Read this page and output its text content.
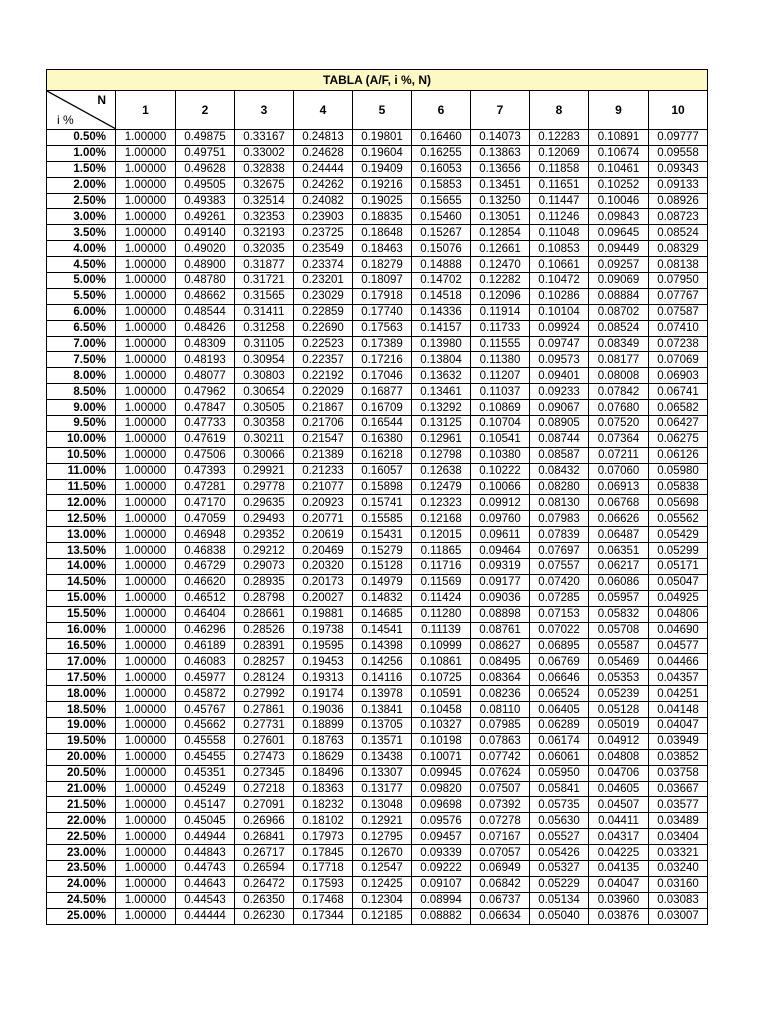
TABLA (A/F, i %, N)										

N
i %	1	2	3	4	5	6	7	8	9	10
0.50%	1.00000	0.49875	0.33167	0.24813	0.19801	0.16460	0.14073	0.12283	0.10891	0.09777
1.00%	1.00000	0.49751	0.33002	0.24628	0.19604	0.16255	0.13863	0.12069	0.10674	0.09558
1.50%	1.00000	0.49628	0.32838	0.24444	0.19409	0.16053	0.13656	0.11858	0.10461	0.09343
2.00%	1.00000	0.49505	0.32675	0.24262	0.19216	0.15853	0.13451	0.11651	0.10252	0.09133
2.50%	1.00000	0.49383	0.32514	0.24082	0.19025	0.15655	0.13250	0.11447	0.10046	0.08926
3.00%	1.00000	0.49261	0.32353	0.23903	0.18835	0.15460	0.13051	0.11246	0.09843	0.08723
3.50%	1.00000	0.49140	0.32193	0.23725	0.18648	0.15267	0.12854	0.11048	0.09645	0.08524
4.00%	1.00000	0.49020	0.32035	0.23549	0.18463	0.15076	0.12661	0.10853	0.09449	0.08329
4.50%	1.00000	0.48900	0.31877	0.23374	0.18279	0.14888	0.12470	0.10661	0.09257	0.08138
5.00%	1.00000	0.48780	0.31721	0.23201	0.18097	0.14702	0.12282	0.10472	0.09069	0.07950
5.50%	1.00000	0.48662	0.31565	0.23029	0.17918	0.14518	0.12096	0.10286	0.08884	0.07767
6.00%	1.00000	0.48544	0.31411	0.22859	0.17740	0.14336	0.11914	0.10104	0.08702	0.07587
6.50%	1.00000	0.48426	0.31258	0.22690	0.17563	0.14157	0.11733	0.09924	0.08524	0.07410
7.00%	1.00000	0.48309	0.31105	0.22523	0.17389	0.13980	0.11555	0.09747	0.08349	0.07238
7.50%	1.00000	0.48193	0.30954	0.22357	0.17216	0.13804	0.11380	0.09573	0.08177	0.07069
8.00%	1.00000	0.48077	0.30803	0.22192	0.17046	0.13632	0.11207	0.09401	0.08008	0.06903
8.50%	1.00000	0.47962	0.30654	0.22029	0.16877	0.13461	0.11037	0.09233	0.07842	0.06741
9.00%	1.00000	0.47847	0.30505	0.21867	0.16709	0.13292	0.10869	0.09067	0.07680	0.06582
9.50%	1.00000	0.47733	0.30358	0.21706	0.16544	0.13125	0.10704	0.08905	0.07520	0.06427
10.00%	1.00000	0.47619	0.30211	0.21547	0.16380	0.12961	0.10541	0.08744	0.07364	0.06275
10.50%	1.00000	0.47506	0.30066	0.21389	0.16218	0.12798	0.10380	0.08587	0.07211	0.06126
11.00%	1.00000	0.47393	0.29921	0.21233	0.16057	0.12638	0.10222	0.08432	0.07060	0.05980
11.50%	1.00000	0.47281	0.29778	0.21077	0.15898	0.12479	0.10066	0.08280	0.06913	0.05838
12.00%	1.00000	0.47170	0.29635	0.20923	0.15741	0.12323	0.09912	0.08130	0.06768	0.05698
12.50%	1.00000	0.47059	0.29493	0.20771	0.15585	0.12168	0.09760	0.07983	0.06626	0.05562
13.00%	1.00000	0.46948	0.29352	0.20619	0.15431	0.12015	0.09611	0.07839	0.06487	0.05429
13.50%	1.00000	0.46838	0.29212	0.20469	0.15279	0.11865	0.09464	0.07697	0.06351	0.05299
14.00%	1.00000	0.46729	0.29073	0.20320	0.15128	0.11716	0.09319	0.07557	0.06217	0.05171
14.50%	1.00000	0.46620	0.28935	0.20173	0.14979	0.11569	0.09177	0.07420	0.06086	0.05047
15.00%	1.00000	0.46512	0.28798	0.20027	0.14832	0.11424	0.09036	0.07285	0.05957	0.04925
15.50%	1.00000	0.46404	0.28661	0.19881	0.14685	0.11280	0.08898	0.07153	0.05832	0.04806
16.00%	1.00000	0.46296	0.28526	0.19738	0.14541	0.11139	0.08761	0.07022	0.05708	0.04690
16.50%	1.00000	0.46189	0.28391	0.19595	0.14398	0.10999	0.08627	0.06895	0.05587	0.04577
17.00%	1.00000	0.46083	0.28257	0.19453	0.14256	0.10861	0.08495	0.06769	0.05469	0.04466
17.50%	1.00000	0.45977	0.28124	0.19313	0.14116	0.10725	0.08364	0.06646	0.05353	0.04357
18.00%	1.00000	0.45872	0.27992	0.19174	0.13978	0.10591	0.08236	0.06524	0.05239	0.04251
18.50%	1.00000	0.45767	0.27861	0.19036	0.13841	0.10458	0.08110	0.06405	0.05128	0.04148
19.00%	1.00000	0.45662	0.27731	0.18899	0.13705	0.10327	0.07985	0.06289	0.05019	0.04047
19.50%	1.00000	0.45558	0.27601	0.18763	0.13571	0.10198	0.07863	0.06174	0.04912	0.03949
20.00%	1.00000	0.45455	0.27473	0.18629	0.13438	0.10071	0.07742	0.06061	0.04808	0.03852
20.50%	1.00000	0.45351	0.27345	0.18496	0.13307	0.09945	0.07624	0.05950	0.04706	0.03758
21.00%	1.00000	0.45249	0.27218	0.18363	0.13177	0.09820	0.07507	0.05841	0.04605	0.03667
21.50%	1.00000	0.45147	0.27091	0.18232	0.13048	0.09698	0.07392	0.05735	0.04507	0.03577
22.00%	1.00000	0.45045	0.26966	0.18102	0.12921	0.09576	0.07278	0.05630	0.04411	0.03489
22.50%	1.00000	0.44944	0.26841	0.17973	0.12795	0.09457	0.07167	0.05527	0.04317	0.03404
23.00%	1.00000	0.44843	0.26717	0.17845	0.12670	0.09339	0.07057	0.05426	0.04225	0.03321
23.50%	1.00000	0.44743	0.26594	0.17718	0.12547	0.09222	0.06949	0.05327	0.04135	0.03240
24.00%	1.00000	0.44643	0.26472	0.17593	0.12425	0.09107	0.06842	0.05229	0.04047	0.03160
24.50%	1.00000	0.44543	0.26350	0.17468	0.12304	0.08994	0.06737	0.05134	0.03960	0.03083
25.00%	1.00000	0.44444	0.26230	0.17344	0.12185	0.08882	0.06634	0.05040	0.03876	0.03007
